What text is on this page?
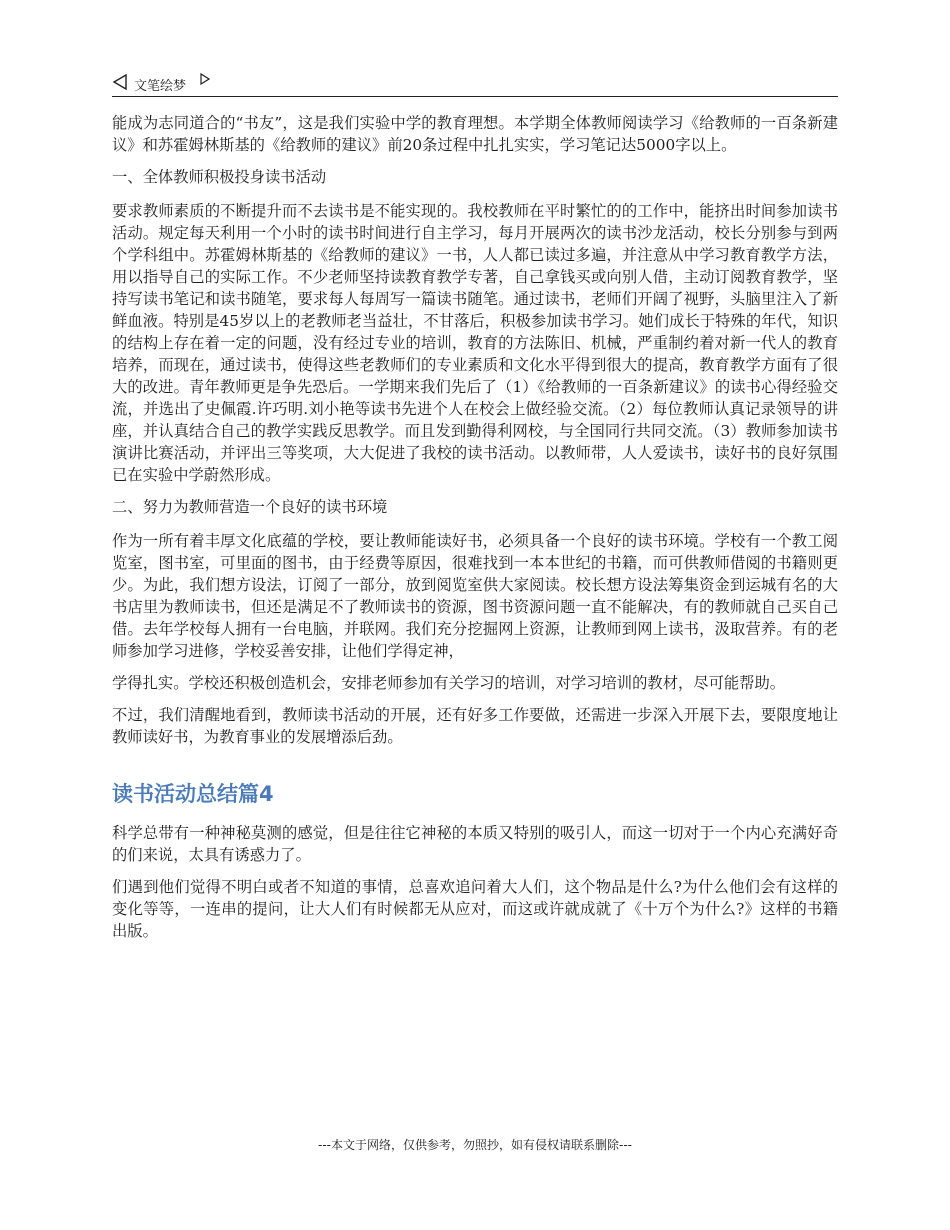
文笔绘梦

能成为志同道合的“书友”，这是我们实验中学的教育理想。本学期全体教师阅读学习《给教师的一百条新建议》和苏霍姆林斯基的《给教师的建议》前20条过程中扎扎实实，学习笔记达5000字以上。

一、全体教师积极投身读书活动

要求教师素质的不断提升而不去读书是不能实现的。我校教师在平时繁忙的的工作中，能挤出时间参加读书活动。规定每天利用一个小时的读书时间进行自主学习，每月开展两次的读书沙龙活动，校长分别参与到两个学科组中。苏霍姆林斯基的《给教师的建议》一书，人人都已读过多遍，并注意从中学习教育教学方法，用以指导自己的实际工作。不少老师坚持读教育教学专著，自己拿钱买或向别人借，主动订阅教育教学，坚持写读书笔记和读书随笔，要求每人每周写一篇读书随笔。通过读书，老师们开阔了视野，头脑里注入了新鲜血液。特别是45岁以上的老教师老当益壮，不甘落后，积极参加读书学习。她们成长于特殊的年代，知识的结构上存在着一定的问题，没有经过专业的培训，教育的方法陈旧、机械，严重制约着对新一代人的教育培养，而现在，通过读书，使得这些老教师们的专业素质和文化水平得到很大的提高，教育教学方面有了很大的改进。青年教师更是争先恐后。一学期来我们先后了（1）《给教师的一百条新建议》的读书心得经验交流，并选出了史佩霞.许巧明.刘小艳等读书先进个人在校会上做经验交流。（2）每位教师认真记录领导的讲座，并认真结合自己的教学实践反思教学。而且发到勤得利网校，与全国同行共同交流。（3）教师参加读书演讲比赛活动，并评出三等奖项，大大促进了我校的读书活动。以教师带，人人爱读书，读好书的良好氛围已在实验中学蔚然形成。

二、努力为教师营造一个良好的读书环境

作为一所有着丰厚文化底蕴的学校，要让教师能读好书，必须具备一个良好的读书环境。学校有一个教工阅览室，图书室，可里面的图书，由于经费等原因，很难找到一本本世纪的书籍，而可供教师借阅的书籍则更少。为此，我们想方设法，订阅了一部分，放到阅览室供大家阅读。校长想方设法筹集资金到运城有名的大书店里为教师读书，但还是满足不了教师读书的资源，图书资源问题一直不能解决，有的教师就自己买自己借。去年学校每人拥有一台电脑，并联网。我们充分挖掘网上资源，让教师到网上读书，汲取营养。有的老师参加学习进修，学校妥善安排，让他们学得定神，

学得扎实。学校还积极创造机会，安排老师参加有关学习的培训，对学习培训的教材，尽可能帮助。

不过，我们清醒地看到，教师读书活动的开展，还有好多工作要做，还需进一步深入开展下去，要限度地让教师读好书，为教育事业的发展增添后劲。

读书活动总结篇4

科学总带有一种神秘莫测的感觉，但是往往它神秘的本质又特别的吸引人，而这一切对于一个内心充满好奇的们来说，太具有诱惑力了。

们遇到他们觉得不明白或者不知道的事情，总喜欢追问着大人们，这个物品是什么?为什么他们会有这样的变化等等，一连串的提问，让大人们有时候都无从应对，而这或许就成就了《十万个为什么?》这样的书籍出版。

---本文于网络，仅供参考，勿照抄，如有侵权请联系删除---
